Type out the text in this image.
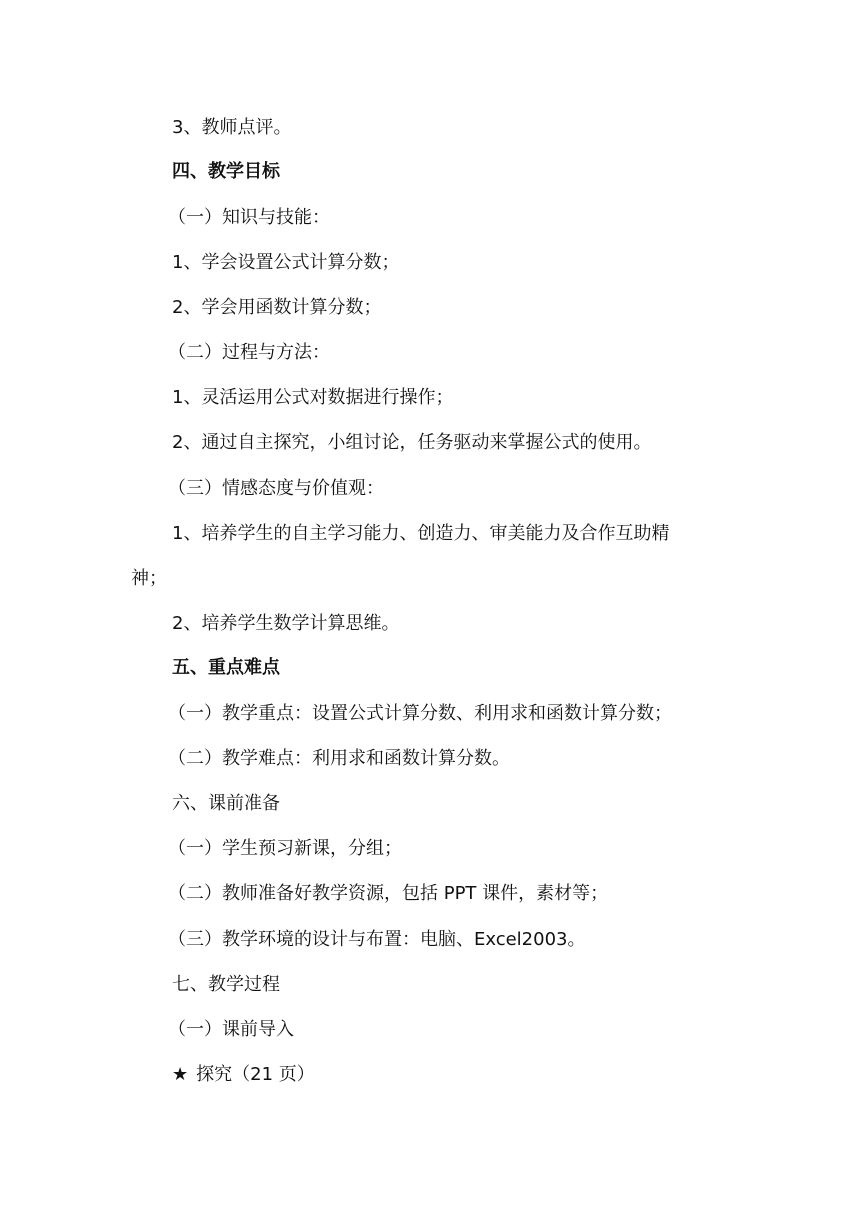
3、教师点评。
四、教学目标
（一）知识与技能：
1、学会设置公式计算分数；
2、学会用函数计算分数；
（二）过程与方法：
1、灵活运用公式对数据进行操作；
2、通过自主探究，小组讨论，任务驱动来掌握公式的使用。
（三）情感态度与价值观：
1、培养学生的自主学习能力、创造力、审美能力及合作互助精
神；
2、培养学生数学计算思维。
五、重点难点
（一）教学重点：设置公式计算分数、利用求和函数计算分数；
（二）教学难点：利用求和函数计算分数。
六、课前准备
（一）学生预习新课，分组；
（二）教师准备好教学资源，包括 PPT 课件，素材等；
（三）教学环境的设计与布置：电脑、Excel2003。
七、教学过程
（一）课前导入
★ 探究（21 页）
